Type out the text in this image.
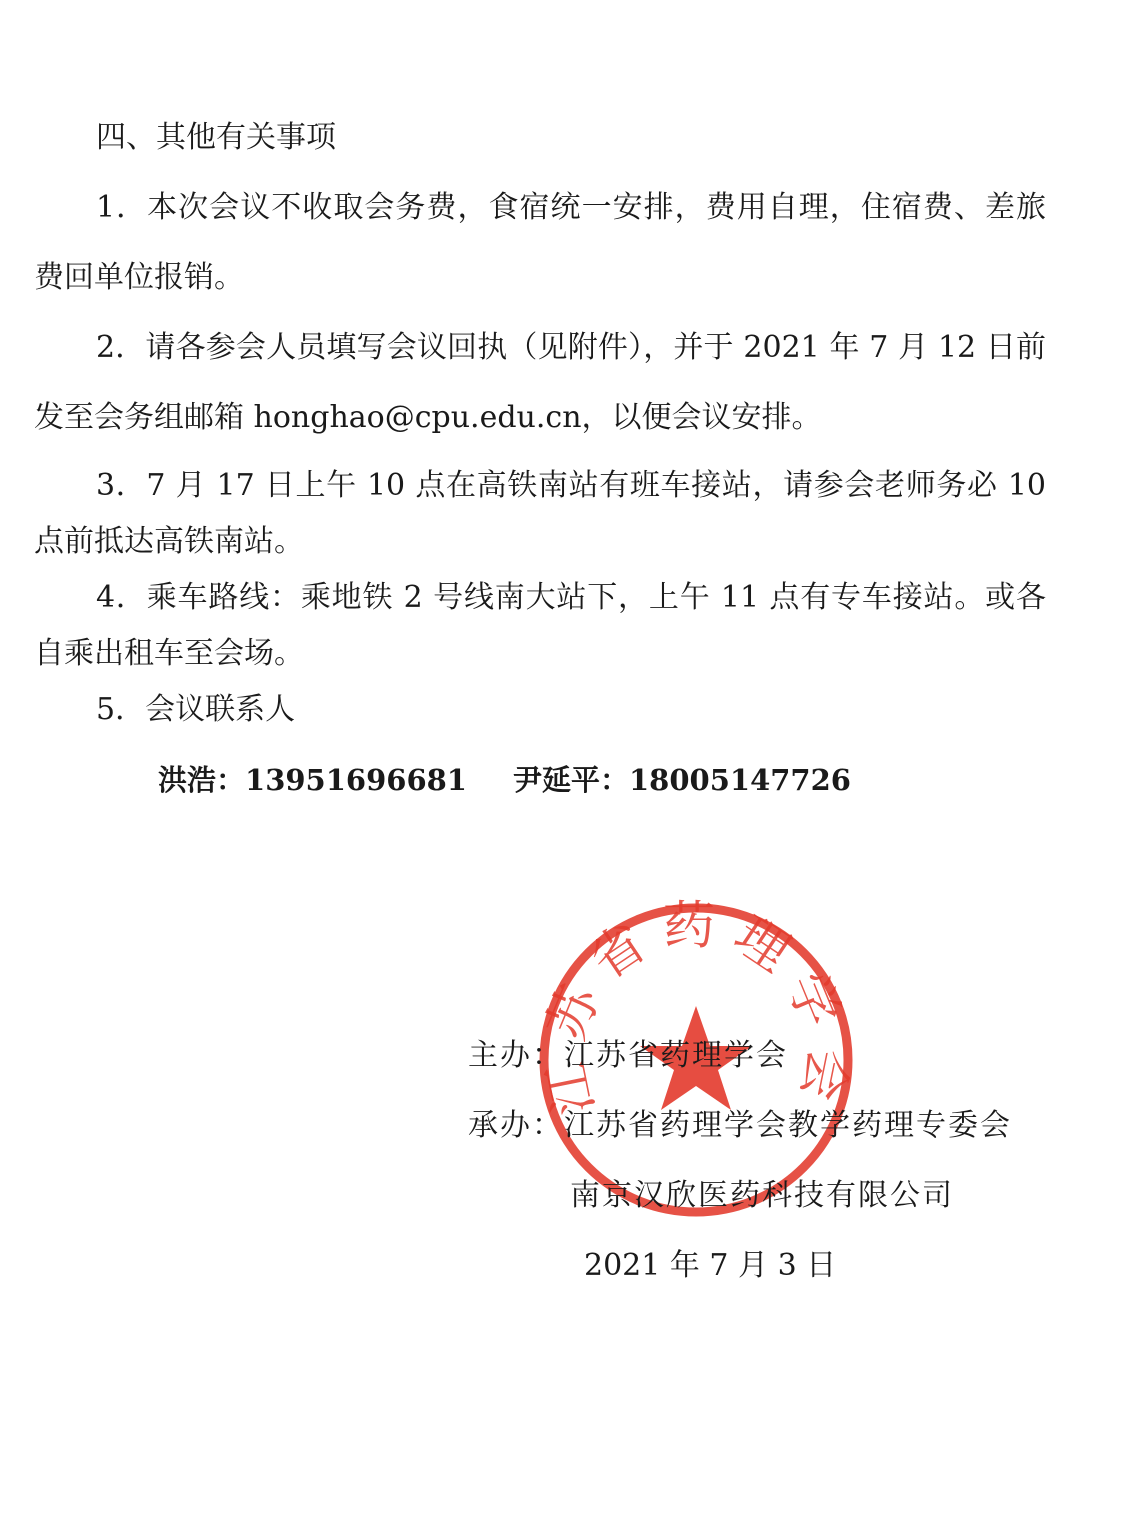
四、其他有关事项
1．本次会议不收取会务费，食宿统一安排，费用自理，住宿费、差旅
费回单位报销。
2．请各参会人员填写会议回执（见附件），并于 2021 年 7 月 12 日前
发至会务组邮箱 honghao@cpu.edu.cn，以便会议安排。
3．7 月 17 日上午 10 点在高铁南站有班车接站，请参会老师务必 10
点前抵达高铁南站。
4．乘车路线：乘地铁 2 号线南大站下，上午 11 点有专车接站。或各
自乘出租车至会场。
5．会议联系人
洪浩：13951696681 尹延平：18005147726
江苏省药理学会
主办：江苏省药理学会
承办：江苏省药理学会教学药理专委会
南京汉欣医药科技有限公司
2021 年 7 月 3 日
